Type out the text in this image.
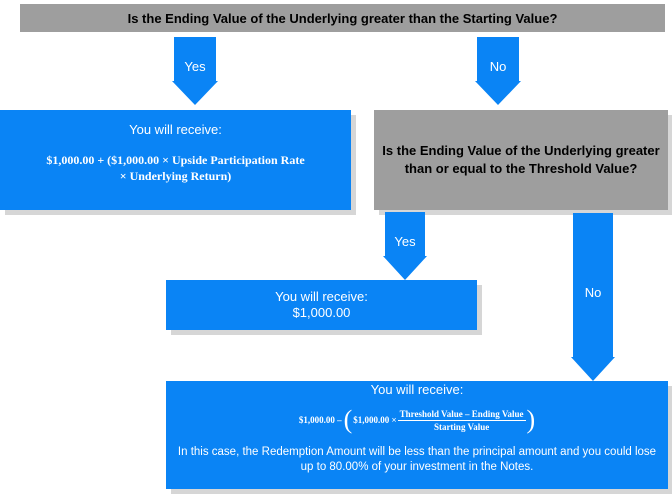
Is the Ending Value of the Underlying greater than the Starting Value?
Yes	No
You will receive:
$1,000.00 + ($1,000.00 × Upside Participation Rate
× Underlying Return)
Is the Ending Value of the Underlying greater than or equal to the Threshold Value?
Yes
No
You will receive:
$1,000.00
You will receive:
$1,000.00 – ( $1,000.00 × $\frac{\text{Threshold Value – Ending Value}}{\text{Starting Value}}$ )
In this case, the Redemption Amount will be less than the principal amount and you could lose up to 80.00% of your investment in the Notes.
